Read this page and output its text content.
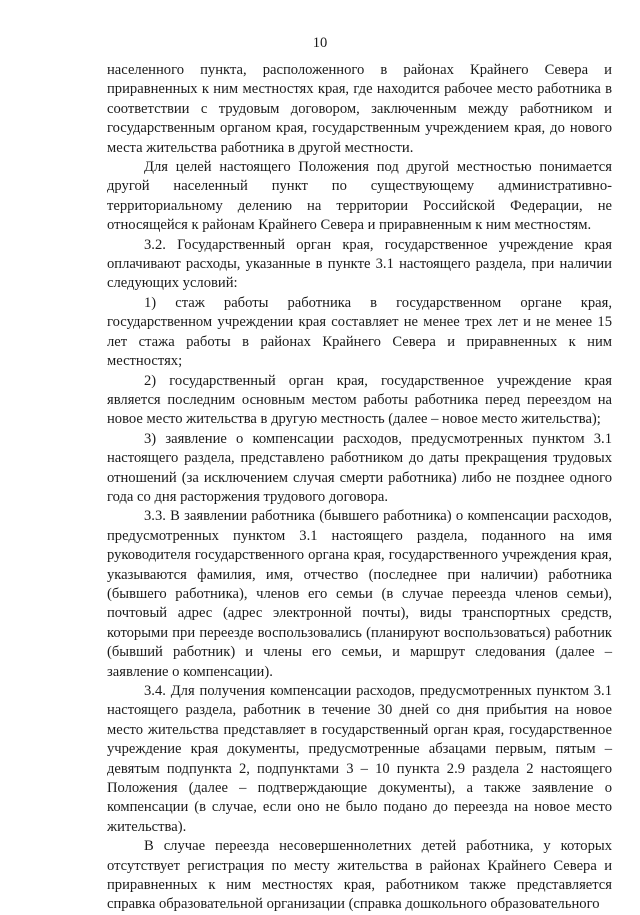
10

населенного пункта, расположенного в районах Крайнего Севера и приравненных к ним местностях края, где находится рабочее место работника в соответствии с трудовым договором, заключенным между работником и государственным органом края, государственным учреждением края, до нового места жительства работника в другой местности.

Для целей настоящего Положения под другой местностью понимается другой населенный пункт по существующему административно-территориальному делению на территории Российской Федерации, не относящейся к районам Крайнего Севера и приравненным к ним местностям.

3.2. Государственный орган края, государственное учреждение края оплачивают расходы, указанные в пункте 3.1 настоящего раздела, при наличии следующих условий:

1) стаж работы работника в государственном органе края, государственном учреждении края составляет не менее трех лет и не менее 15 лет стажа работы в районах Крайнего Севера и приравненных к ним местностях;

2) государственный орган края, государственное учреждение края является последним основным местом работы работника перед переездом на новое место жительства в другую местность (далее – новое место жительства);

3) заявление о компенсации расходов, предусмотренных пунктом 3.1 настоящего раздела, представлено работником до даты прекращения трудовых отношений (за исключением случая смерти работника) либо не позднее одного года со дня расторжения трудового договора.

3.3. В заявлении работника (бывшего работника) о компенсации расходов, предусмотренных пунктом 3.1 настоящего раздела, поданного на имя руководителя государственного органа края, государственного учреждения края, указываются фамилия, имя, отчество (последнее при наличии) работника (бывшего работника), членов его семьи (в случае переезда членов семьи), почтовый адрес (адрес электронной почты), виды транспортных средств, которыми при переезде воспользовались (планируют воспользоваться) работник (бывший работник) и члены его семьи, и маршрут следования (далее – заявление о компенсации).

3.4. Для получения компенсации расходов, предусмотренных пунктом 3.1 настоящего раздела, работник в течение 30 дней со дня прибытия на новое место жительства представляет в государственный орган края, государственное учреждение края документы, предусмотренные абзацами первым, пятым – девятым подпункта 2, подпунктами 3 – 10 пункта 2.9 раздела 2 настоящего Положения (далее – подтверждающие документы), а также заявление о компенсации (в случае, если оно не было подано до переезда на новое место жительства).

В случае переезда несовершеннолетних детей работника, у которых отсутствует регистрация по месту жительства в районах Крайнего Севера и приравненных к ним местностях края, работником также представляется справка образовательной организации (справка дошкольного образовательного
